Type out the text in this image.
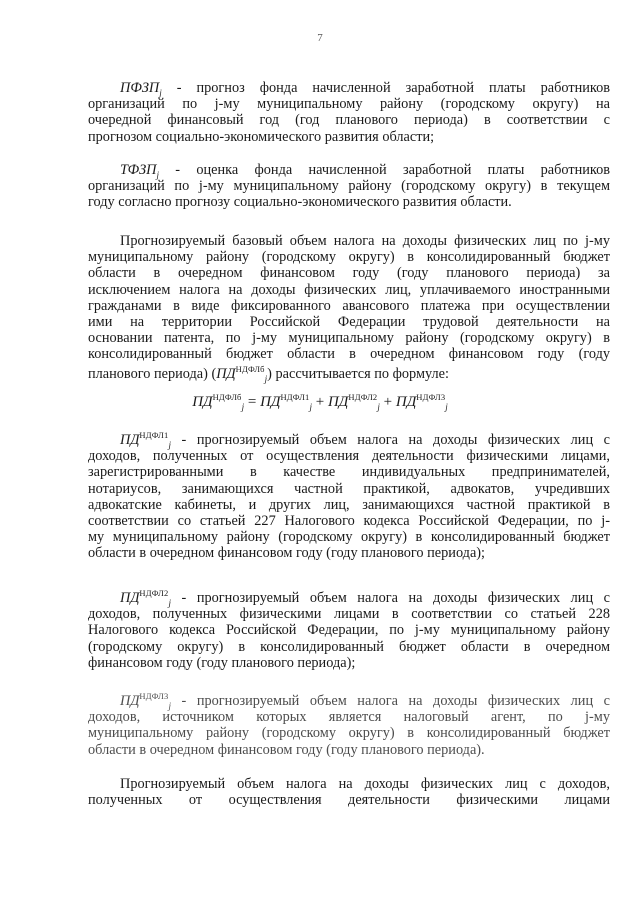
7
$ПФЗП_j$ - прогноз фонда начисленной заработной платы работников
организаций по j-му муниципальному району (городскому округу) на
очередной финансовый год (год планового периода) в соответствии с
прогнозом социально-экономического развития области;
$ТФЗП_j$ - оценка фонда начисленной заработной платы работников
организаций по j-му муниципальному району (городскому округу) в текущем
году согласно прогнозу социально-экономического развития области.
Прогнозируемый базовый объем налога на доходы физических лиц по j-му
муниципальному району (городскому округу) в консолидированный бюджет
области в очередном финансовом году (году планового периода) за
исключением налога на доходы физических лиц, уплачиваемого иностранными
гражданами в виде фиксированного авансового платежа при осуществлении
ими на территории Российской Федерации трудовой деятельности на
основании патента, по j-му муниципальному району (городскому округу) в
консолидированный бюджет области в очередном финансовом году (году
планового периода) $(ПД^{НДФЛб}_j)$ рассчитывается по формуле:
$ПД^{НДФЛб}_j = ПД^{НДФЛ1}_j + ПД^{НДФЛ2}_j + ПД^{НДФЛ3}_j$
$ПД^{НДФЛ1}_j$ - прогнозируемый объем налога на доходы физических лиц с
доходов, полученных от осуществления деятельности физическими лицами,
зарегистрированными в качестве индивидуальных предпринимателей,
нотариусов, занимающихся частной практикой, адвокатов, учредивших
адвокатские кабинеты, и других лиц, занимающихся частной практикой в
соответствии со статьей 227 Налогового кодекса Российской Федерации, по j-
му муниципальному району (городскому округу) в консолидированный бюджет
области в очередном финансовом году (году планового периода);
$ПД^{НДФЛ2}_j$ - прогнозируемый объем налога на доходы физических лиц с
доходов, полученных физическими лицами в соответствии со статьей 228
Налогового кодекса Российской Федерации, по j-му муниципальному району
(городскому округу) в консолидированный бюджет области в очередном
финансовом году (году планового периода);
$ПД^{НДФЛ3}_j$ - прогнозируемый объем налога на доходы физических лиц с
доходов, источником которых является налоговый агент, по j-му
муниципальному району (городскому округу) в консолидированный бюджет
области в очередном финансовом году (году планового периода).
Прогнозируемый объем налога на доходы физических лиц с доходов,
полученных от осуществления деятельности физическими лицами
